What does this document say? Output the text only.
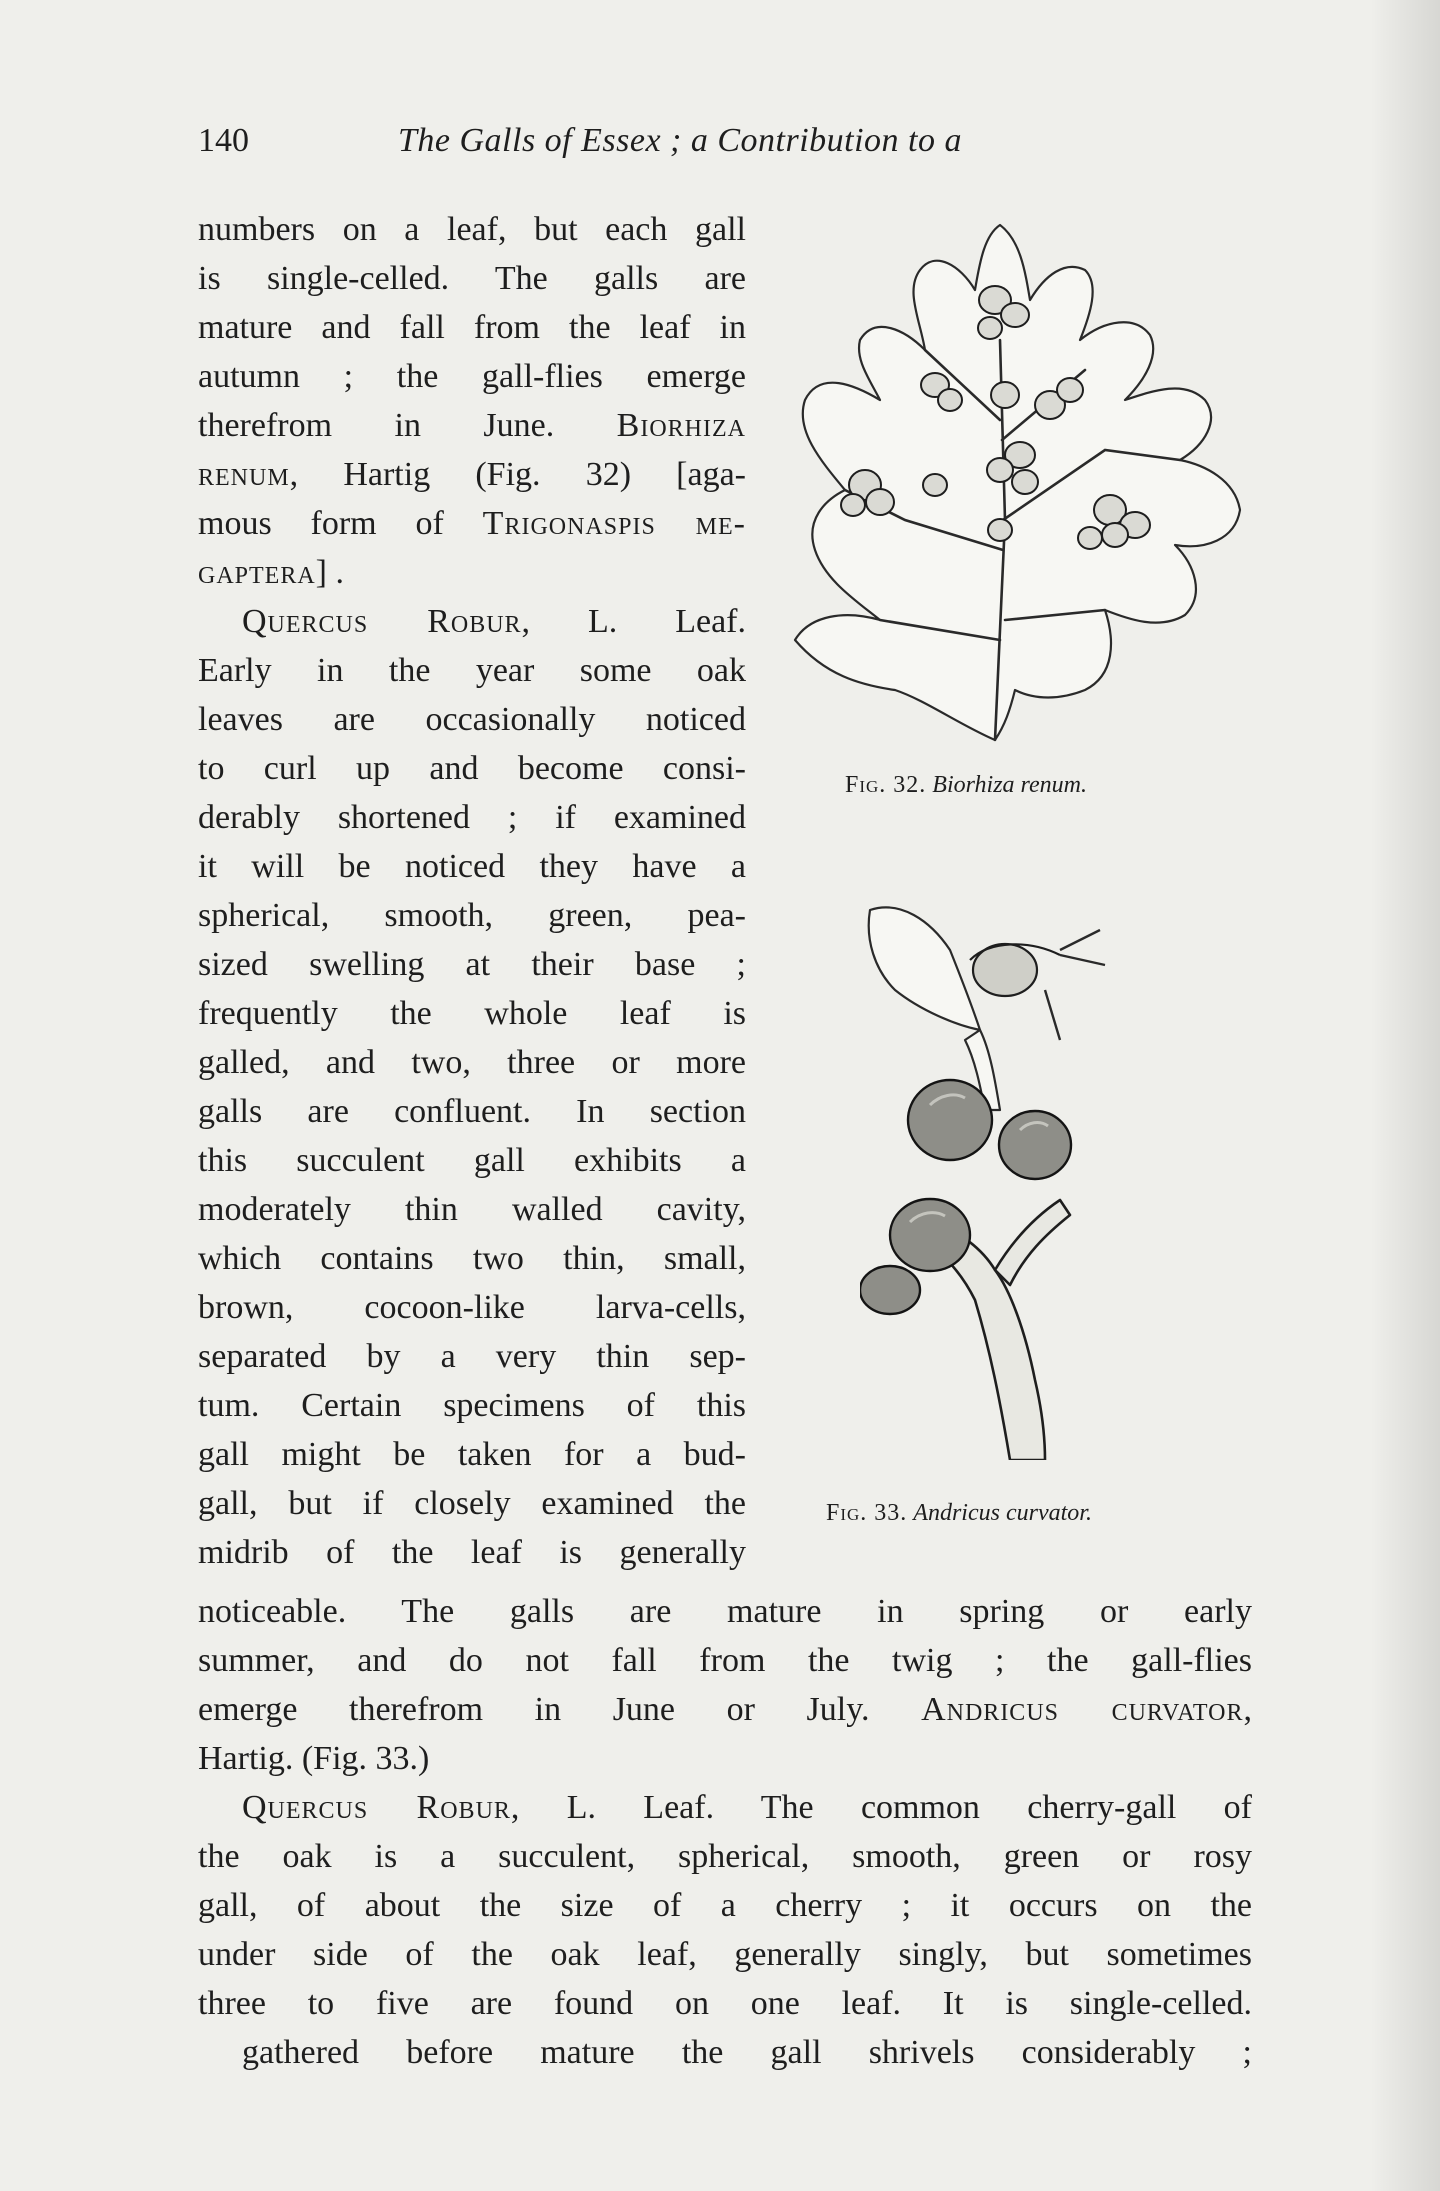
140	The Galls of Essex ; a Contribution to a
numbers on a leaf, but each gall
is single-celled. The galls are
mature and fall from the leaf in
autumn ; the gall-flies emerge
therefrom in June. Biorhiza
renum, Hartig (Fig. 32) [aga-
mous form of Trigonaspis me-
gaptera] .
Quercus Robur, L. Leaf.
Early in the year some oak
leaves are occasionally noticed
to curl up and become consi-
derably shortened ; if examined
it will be noticed they have a
spherical, smooth, green, pea-
sized swelling at their base ;
frequently the whole leaf is
galled, and two, three or more
galls are confluent. In section
this succulent gall exhibits a
moderately thin walled cavity,
which contains two thin, small,
brown, cocoon-like larva-cells,
separated by a very thin sep-
tum. Certain specimens of this
gall might be taken for a bud-
gall, but if closely examined the
midrib of the leaf is generally
noticeable. The galls are mature in spring or early
summer, and do not fall from the twig ; the gall-flies
emerge therefrom in June or July. Andricus curvator,
Hartig. (Fig. 33.)
Quercus Robur, L. Leaf. The common cherry-gall of
the oak is a succulent, spherical, smooth, green or rosy
gall, of about the size of a cherry ; it occurs on the
under side of the oak leaf, generally singly, but sometimes
three to five are found on one leaf. It is single-celled.
gathered before mature the gall shrivels considerably ;
Fig. 32. Biorhiza renum.
Fig. 33. Andricus curvator.
